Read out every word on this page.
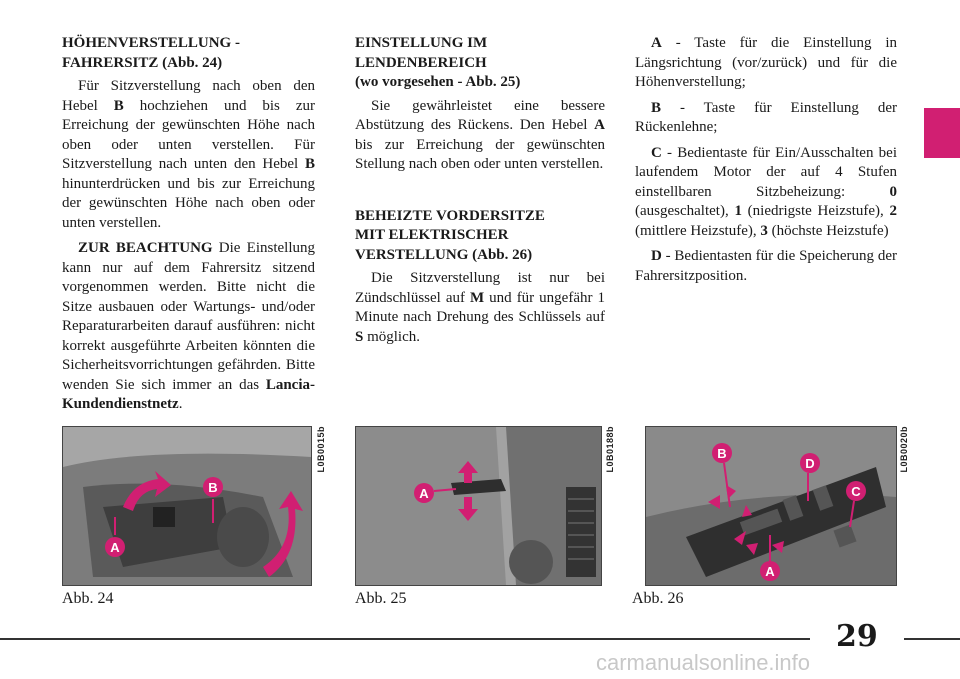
HÖHENVERSTELLUNG -
FAHRERSITZ (Abb. 24)

Für Sitzverstellung nach oben den Hebel B hochziehen und bis zur Erreichung der gewünschten Höhe nach oben oder unten verstellen. Für Sitzverstellung nach unten den Hebel B hinunterdrücken und bis zur Erreichung der gewünschten Höhe nach oben oder unten verstellen.

ZUR BEACHTUNG Die Einstellung kann nur auf dem Fahrersitz sitzend vorgenommen werden. Bitte nicht die Sitze ausbauen oder Wartungs- und/oder Reparaturarbeiten darauf ausführen: nicht korrekt ausgeführte Arbeiten könnten die Sicherheitsvorrichtungen gefährden. Bitte wenden Sie sich immer an das Lancia-Kundendienstnetz.

EINSTELLUNG IM
LENDENBEREICH
(wo vorgesehen - Abb. 25)

Sie gewährleistet eine bessere Abstützung des Rückens. Den Hebel A bis zur Erreichung der gewünschten Stellung nach oben oder unten verstellen.

BEHEIZTE VORDERSITZE
MIT ELEKTRISCHER
VERSTELLUNG (Abb. 26)

Die Sitzverstellung ist nur bei Zündschlüssel auf M und für ungefähr 1 Minute nach Drehung des Schlüssels auf S möglich.

A - Taste für die Einstellung in Längsrichtung (vor/zurück) und für die Höhenverstellung;

B - Taste für Einstellung der Rückenlehne;

C - Bedientaste für Ein/Ausschalten bei laufendem Motor der auf 4 Stufen einstellbaren Sitzbeheizung: 0 (ausgeschaltet), 1 (niedrigste Heizstufe), 2 (mittlere Heizstufe), 3 (höchste Heizstufe)

D - Bedientasten für die Speicherung der Fahrersitzposition.

B
A
L0B0015b
Abb. 24
A
L0B0188b
Abb. 25
B
D
C
A
L0B0020b
Abb. 26
29
carmanualsonline.info
